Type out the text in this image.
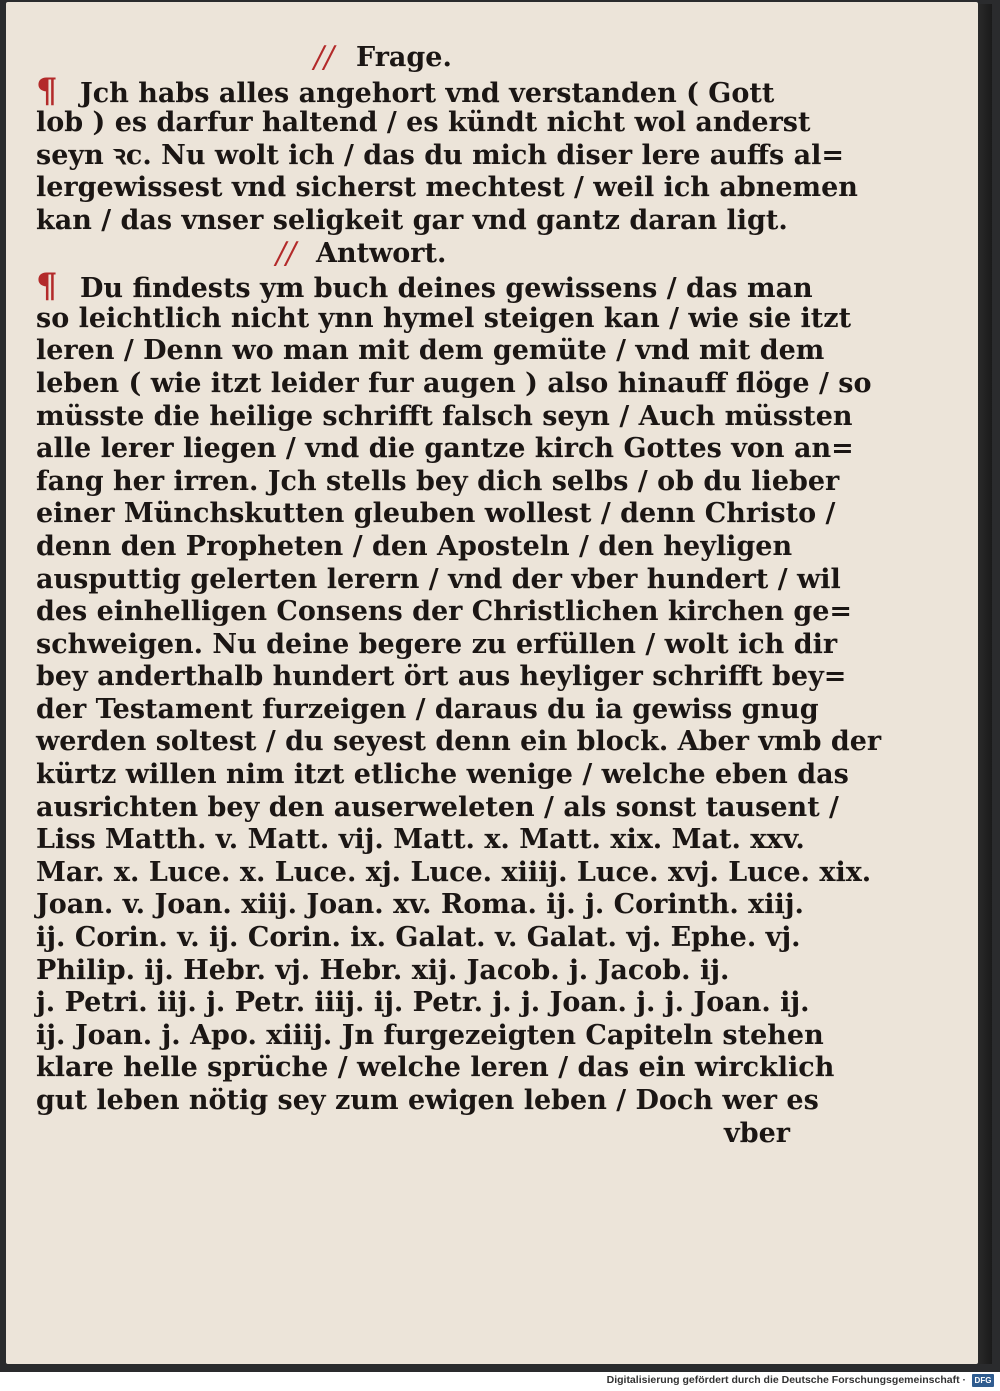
// Frage.
¶ Jch habs alles angehort vnd verstanden ( Gott
lob ) es darfur haltend / es kündt nicht wol anderst
seyn ꝛc. Nu wolt ich / das du mich diser lere auffs al=
lergewissest vnd sicherst mechtest / weil ich abnemen
kan / das vnser seligkeit gar vnd gantz daran ligt.
// Antwort.
¶ Du findests ym buch deines gewissens / das man
so leichtlich nicht ynn hymel steigen kan / wie sie itzt
leren / Denn wo man mit dem gemüte / vnd mit dem
leben ( wie itzt leider fur augen ) also hinauff flöge / so
müsste die heilige schrifft falsch seyn / Auch müssten
alle lerer liegen / vnd die gantze kirch Gottes von an=
fang her irren. Jch stells bey dich selbs / ob du lieber
einer Münchskutten gleuben wollest / denn Christo /
denn den Propheten / den Aposteln / den heyligen
ausputtig gelerten lerern / vnd der vber hundert / wil
des einhelligen Consens der Christlichen kirchen ge=
schweigen. Nu deine begere zu erfüllen / wolt ich dir
bey anderthalb hundert ört aus heyliger schrifft bey=
der Testament furzeigen / daraus du ia gewiss gnug
werden soltest / du seyest denn ein block. Aber vmb der
kürtz willen nim itzt etliche wenige / welche eben das
ausrichten bey den auserweleten / als sonst tausent /
Liss Matth. v. Matt. vij. Matt. x. Matt. xix. Mat. xxv.
Mar. x. Luce. x. Luce. xj. Luce. xiiij. Luce. xvj. Luce. xix.
Joan. v. Joan. xiij. Joan. xv. Roma. ij. j. Corinth. xiij.
ij. Corin. v. ij. Corin. ix. Galat. v. Galat. vj. Ephe. vj.
Philip. ij. Hebr. vj. Hebr. xij. Jacob. j. Jacob. ij.
j. Petri. iij. j. Petr. iiij. ij. Petr. j. j. Joan. j. j. Joan. ij.
ij. Joan. j. Apo. xiiij. Jn furgezeigten Capiteln stehen
klare helle sprüche / welche leren / das ein wircklich
gut leben nötig sey zum ewigen leben / Doch wer es
vber
Digitalisierung gefördert durch die Deutsche Forschungsgemeinschaft ·	DFG
